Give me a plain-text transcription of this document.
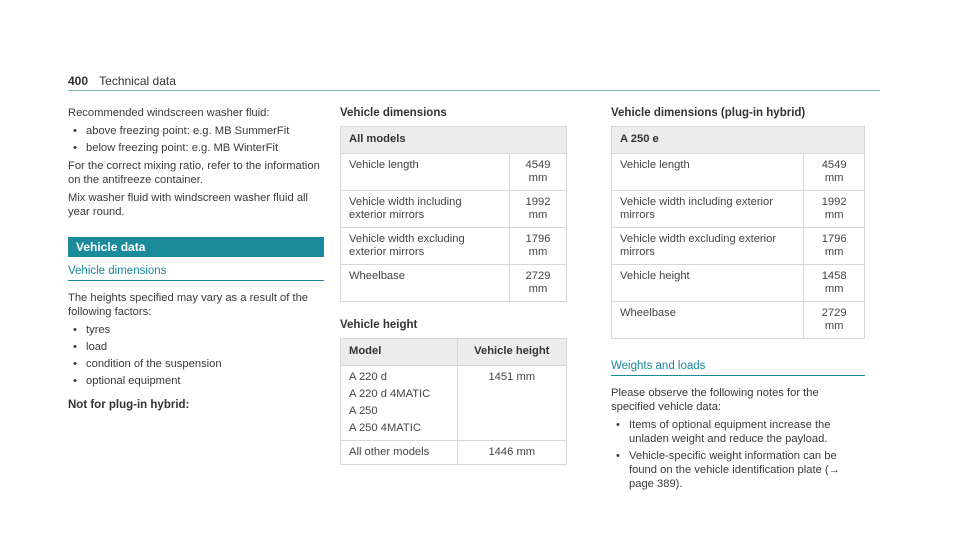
400 Technical data

Recommended windscreen washer fluid:

• above freezing point: e.g. MB SummerFit
• below freezing point: e.g. MB WinterFit

For the correct mixing ratio, refer to the information on the antifreeze container.

Mix washer fluid with windscreen washer fluid all year round.

Vehicle data
Vehicle dimensions

The heights specified may vary as a result of the following factors:

• tyres
• load
• condition of the suspension
• optional equipment
Not for plug-in hybrid:
Vehicle dimensions
All models	
Vehicle length	4549 mm
Vehicle width including exterior mirrors	1992 mm
Vehicle width excluding exterior mirrors	1796 mm
Wheelbase	2729 mm
Vehicle height
Model	Vehicle height

A 220 d
A 220 d 4MATIC
A 250
A 250 4MATIC	1451 mm
All other models	1446 mm
Vehicle dimensions (plug-in hybrid)
A 250 e	
Vehicle length	4549 mm
Vehicle width including exterior mirrors	1992 mm
Vehicle width excluding exterior mirrors	1796 mm
Vehicle height	1458 mm
Wheelbase	2729 mm
Weights and loads

Please observe the following notes for the specified vehicle data:

• Items of optional equipment increase the unladen weight and reduce the payload.
• Vehicle-specific weight information can be found on the vehicle identification plate (→ page 389).
